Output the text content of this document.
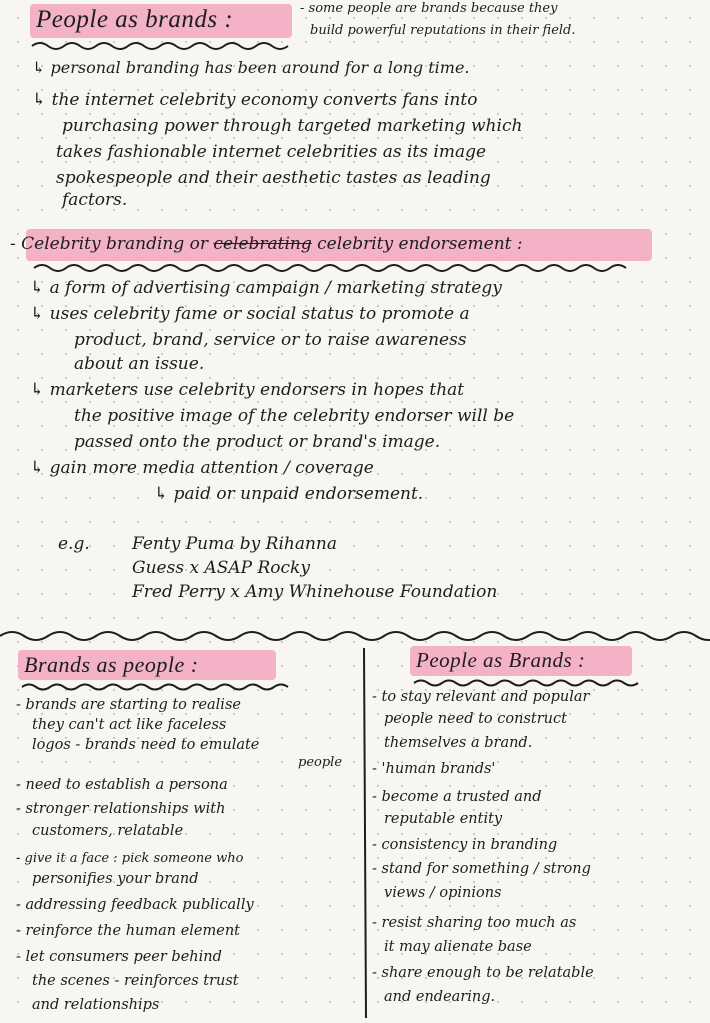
People as brands :	- some people are brands because they
build powerful reputations in their field.
↳ personal branding has been around for a long time.
↳ the internet celebrity economy converts fans into
purchasing power through targeted marketing which
takes fashionable internet celebrities as its image
spokespeople and their aesthetic tastes as leading
factors.
- Celebrity branding or celebrating celebrity endorsement :
↳ a form of advertising campaign / marketing strategy
↳ uses celebrity fame or social status to promote a
product, brand, service or to raise awareness
about an issue.
↳ marketers use celebrity endorsers in hopes that
the positive image of the celebrity endorser will be
passed onto the product or brand's image.
↳ gain more media attention / coverage
↳ paid or unpaid endorsement.
e.g. Fenty Puma by Rihanna
Guess x ASAP Rocky
Fred Perry x Amy Whinehouse Foundation
Brands as people :
- brands are starting to realise
they can't act like faceless
logos - brands need to emulate
people
- need to establish a persona
- stronger relationships with
customers, relatable
- give it a face : pick someone who
personifies your brand
- addressing feedback publically
- reinforce the human element
- let consumers peer behind
the scenes - reinforces trust
and relationships
People as Brands :
- to stay relevant and popular
people need to construct
themselves a brand.
- 'human brands'
- become a trusted and
reputable entity
- consistency in branding
- stand for something / strong
views / opinions
- resist sharing too much as
it may alienate base
- share enough to be relatable
and endearing.
